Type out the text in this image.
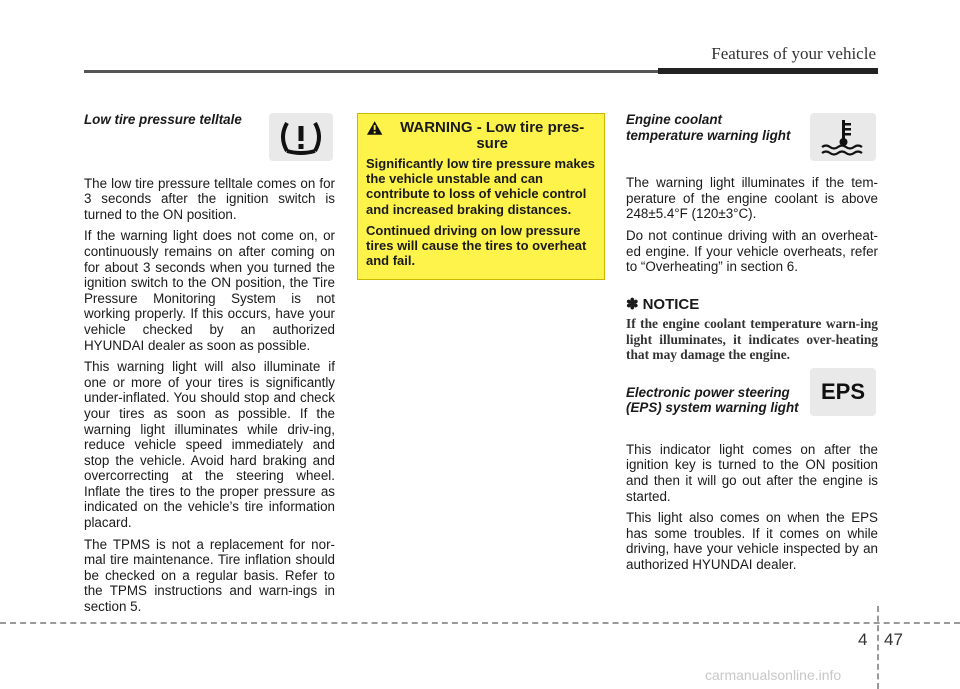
Features of your vehicle
Low tire pressure telltale

The low tire pressure telltale comes on for 3 seconds after the ignition switch is turned to the ON position.

If the warning light does not come on, or continuously remains on after coming on for about 3 seconds when you turned the ignition switch to the ON position, the Tire Pressure Monitoring System is not working properly. If this occurs, have your vehicle checked by an authorized HYUNDAI dealer as soon as possible.

This warning light will also illuminate if one or more of your tires is significantly under-inflated. You should stop and check your tires as soon as possible. If the warning light illuminates while driv-ing, reduce vehicle speed immediately and stop the vehicle. Avoid hard braking and overcorrecting at the steering wheel. Inflate the tires to the proper pressure as indicated on the vehicle’s tire information placard.

The TPMS is not a replacement for nor-mal tire maintenance. Tire inflation should be checked on a regular basis. Refer to the TPMS instructions and warn-ings in section 5.

WARNING - Low tire pres-sure

Significantly low tire pressure makes the vehicle unstable and can contribute to loss of vehicle control and increased braking distances.

Continued driving on low pressure tires will cause the tires to overheat and fail.

EPS
Engine coolant
temperature warning light

The warning light illuminates if the tem-perature of the engine coolant is above 248±5.4°F (120±3°C).

Do not continue driving with an overheat-ed engine. If your vehicle overheats, refer to “Overheating” in section 6.

✽ NOTICE
If the engine coolant temperature warn-ing light illuminates, it indicates over-heating that may damage the engine.
Electronic power steering
(EPS) system warning light

This indicator light comes on after the ignition key is turned to the ON position and then it will go out after the engine is started.

This light also comes on when the EPS has some troubles. If it comes on while driving, have your vehicle inspected by an authorized HYUNDAI dealer.

4 47
carmanualsonline.info
